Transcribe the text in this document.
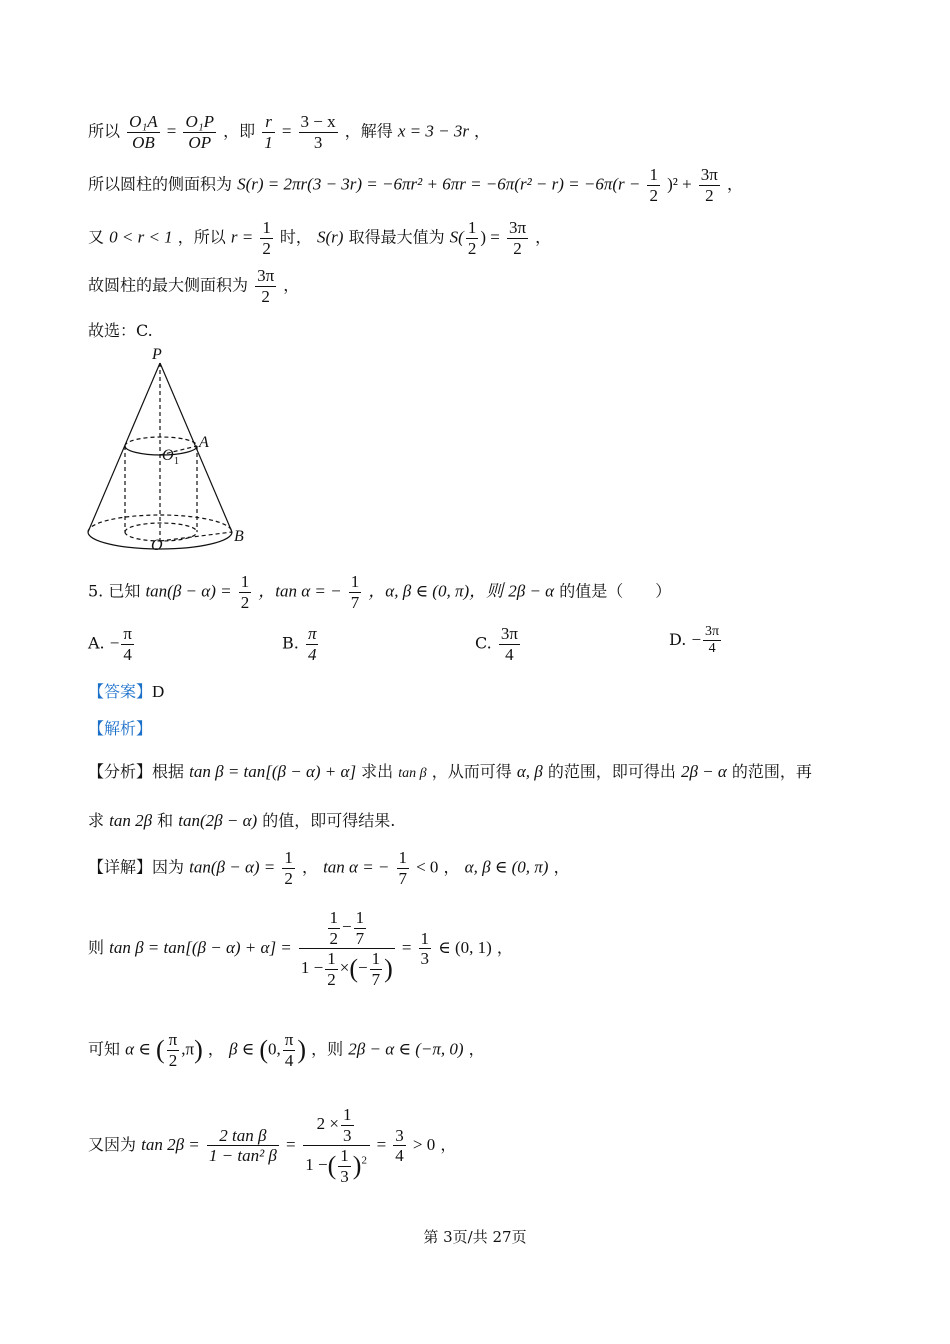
所以 $\frac{\text{O₁A}}{OB} = \frac{\text{O₁P}}{OP}$ ，即 $\frac{r}{1} = \frac{3 - x}{3}$ ，解得 x = 3 − 3r ，
所以圆柱的侧面积为 $S(r) = 2\pi r(3 - 3r) = -6\pi r^2 + 6\pi r = -6\pi(r^2 - r) = -6\pi(r - \frac{1}{2} )^2 + \frac{3\pi}{2}$ ，
又 0 < r < 1 ，所以 $r = \frac{1}{2}$ 时， S(r) 取得最大值为 $S( \frac{1}{2}$ ) = $\frac{3\pi}{2}$ ，
故圆柱的最大侧面积为 $\frac{3\pi}{2}$ ，
故选：C.
P
A
O 1
O
B
5. 已知 $\tan(\beta - \alpha) = \frac{1}{2}$ ，tan α = − $\frac{1}{7}$ ，α, β ∈ (0, π)，则 2β − α 的值是（　　）
A. − $\frac{\pi}{4}$	B. $\frac{\pi}{4}$	C. $\frac{3\pi}{4}$	D. − $\frac{3\pi}{4}$
【答案】D
【解析】
【分析】根据 tan β = tan[(β − α) + α] 求出 tan β ，从而可得 α, β 的范围，即可得出 2β − α 的范围，再
求 tan 2β 和 tan(2β − α) 的值，即可得结果.
【详解】因为 $\tan(\beta - \alpha) = \frac{1}{2}$ ， tan α = − $\frac{1}{7} < 0$ ， α, β ∈ (0, π) ，
则 $\tan \beta = \tan[(\beta - \alpha) + \alpha] = \frac{\frac{1}{2} - \frac{1}{7}}{1 - \frac{1}{2} \times(- \frac{1}{7} )} = \frac{1}{3}$ ∈ (0, 1) ，
可知 α ∈ ( $\frac{\pi}{2} ,\pi$) ， β ∈ (0, $\frac{\pi}{4}$ ) ，则 2β − α ∈ (−π, 0) ，
又因为 $\tan 2\beta = \frac{\text{2 tan β}}{\text{1 − tan² β}} = \frac{2 \times \frac{1}{3}}{1 -( \frac{1}{3} )^2} = \frac{3}{4} > 0$ ，
第 3页/共 27页
